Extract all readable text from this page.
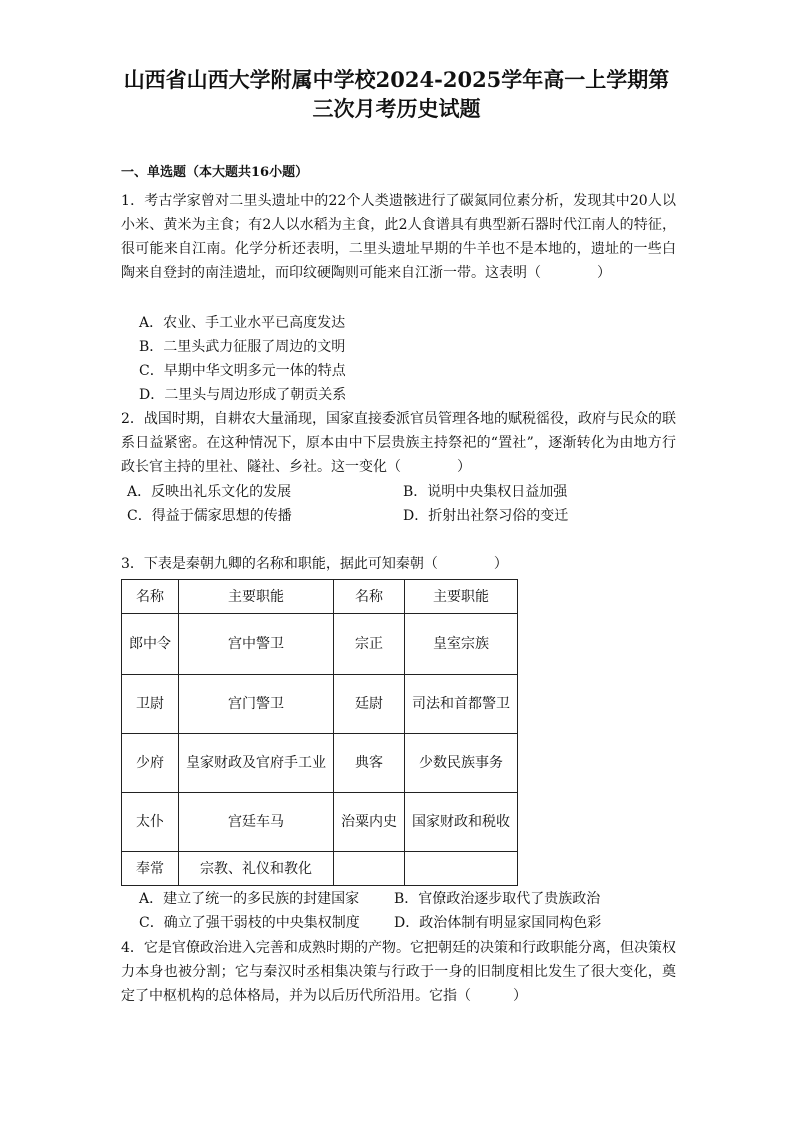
山西省山西大学附属中学校2024-2025学年高一上学期第
三次月考历史试题
一、单选题（本大题共16小题）
1．考古学家曾对二里头遗址中的22个人类遗骸进行了碳氮同位素分析，发现其中20人以小米、黄米为主食；有2人以水稻为主食，此2人食谱具有典型新石器时代江南人的特征，很可能来自江南。化学分析还表明，二里头遗址早期的牛羊也不是本地的，遗址的一些白陶来自登封的南洼遗址，而印纹硬陶则可能来自江浙一带。这表明（　　　　）
A．农业、手工业水平已高度发达
B．二里头武力征服了周边的文明
C．早期中华文明多元一体的特点
D．二里头与周边形成了朝贡关系
2．战国时期，自耕农大量涌现，国家直接委派官员管理各地的赋税徭役，政府与民众的联系日益紧密。在这种情况下，原本由中下层贵族主持祭祀的“置社”，逐渐转化为由地方行政长官主持的里社、隧社、乡社。这一变化（　　　　）
A．反映出礼乐文化的发展	B．说明中央集权日益加强
C．得益于儒家思想的传播	D．折射出社祭习俗的变迁
3．下表是秦朝九卿的名称和职能，据此可知秦朝（　　　　）
名称	主要职能	名称	主要职能
郎中令	宫中警卫	宗正	皇室宗族
卫尉	宫门警卫	廷尉	司法和首都警卫
少府	皇家财政及官府手工业	典客	少数民族事务
太仆	宫廷车马	治粟内史	国家财政和税收
奉常	宗教、礼仪和教化		
A．建立了统一的多民族的封建国家 B．官僚政治逐步取代了贵族政治
C．确立了强干弱枝的中央集权制度 D．政治体制有明显家国同构色彩
4．它是官僚政治进入完善和成熟时期的产物。它把朝廷的决策和行政职能分离，但决策权力本身也被分割；它与秦汉时丞相集决策与行政于一身的旧制度相比发生了很大变化，奠定了中枢机构的总体格局，并为以后历代所沿用。它指（　　　）
